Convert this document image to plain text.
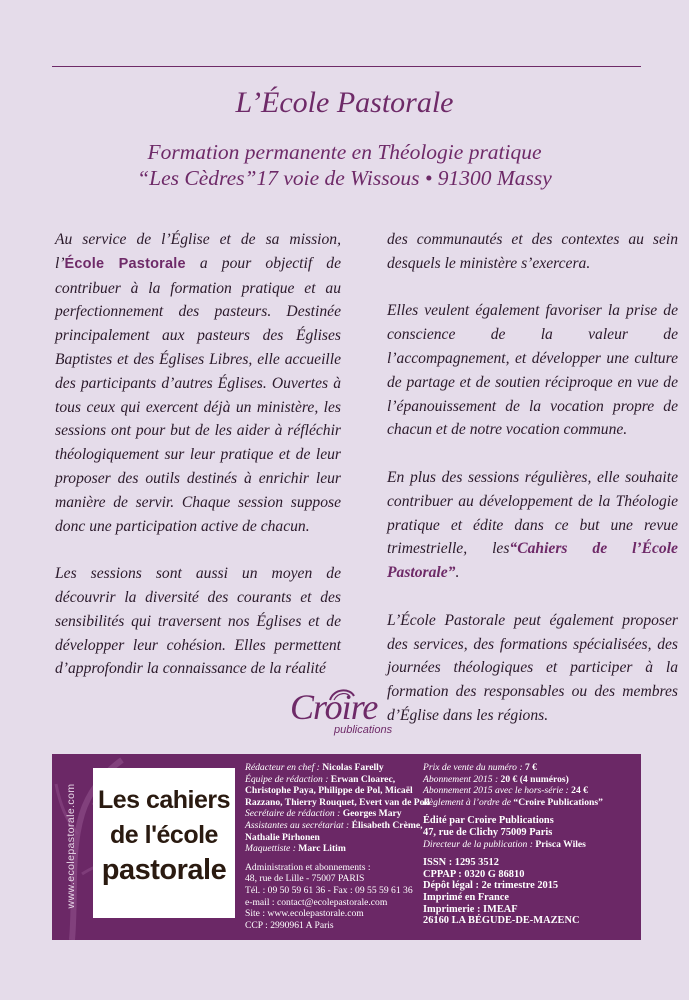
L’École Pastorale
Formation permanente en Théologie pratique
“Les Cèdres”17 voie de Wissous • 91300 Massy

Au service de l’Église et de sa mission, l’École Pastorale a pour objectif de contribuer à la formation pratique et au perfectionnement des pasteurs. Destinée principalement aux pasteurs des Églises Baptistes et des Églises Libres, elle accueille des participants d’autres Églises. Ouvertes à tous ceux qui exercent déjà un ministère, les sessions ont pour but de les aider à réfléchir théologiquement sur leur pratique et de leur proposer des outils destinés à enrichir leur manière de servir. Chaque session suppose donc une participation active de chacun.

Les sessions sont aussi un moyen de découvrir la diversité des courants et des sensibilités qui traversent nos Églises et de développer leur cohésion. Elles permettent d’approfondir la connaissance de la réalité

des communautés et des contextes au sein desquels le ministère s’exercera.

Elles veulent également favoriser la prise de conscience de la valeur de l’accompagnement, et développer une culture de partage et de soutien réciproque en vue de l’épanouissement de la vocation propre de chacun et de notre vocation commune.

En plus des sessions régulières, elle souhaite contribuer au développement de la Théologie pratique et édite dans ce but une revue trimestrielle, les“Cahiers de l’École Pastorale”.

L’École Pastorale peut également proposer des services, des formations spécialisées, des journées théologiques et participer à la formation des responsables ou des membres d’Église dans les régions.

Croire
publications
www.ecolepastorale.com Les cahiers
de l'école
pastorale
Rédacteur en chef : Nicolas Farelly
Équipe de rédaction : Erwan Cloarec, Christophe Paya, Philippe de Pol, Micaël Razzano, Thierry Rouquet, Evert van de Poll
Secrétaire de rédaction : Georges Mary
Assistantes au secrétariat : Élisabeth Crème, Nathalie Pirhonen
Maquettiste : Marc Litim
Administration et abonnements :
48, rue de Lille - 75007 PARIS
Tél. : 09 50 59 61 36 - Fax : 09 55 59 61 36
e-mail : contact@ecolepastorale.com
Site : www.ecolepastorale.com
CCP : 2990961 A Paris
Prix de vente du numéro : 7 €
Abonnement 2015 : 20 € (4 numéros)
Abonnement 2015 avec le hors-série : 24 €
Règlement à l’ordre de “Croire Publications”
Édité par Croire Publications
47, rue de Clichy 75009 Paris
Directeur de la publication : Prisca Wiles
ISSN : 1295 3512
CPPAP : 0320 G 86810
Dépôt légal : 2e trimestre 2015
Imprimé en France
Imprimerie : IMEAF
26160 LA BÉGUDE-DE-MAZENC
